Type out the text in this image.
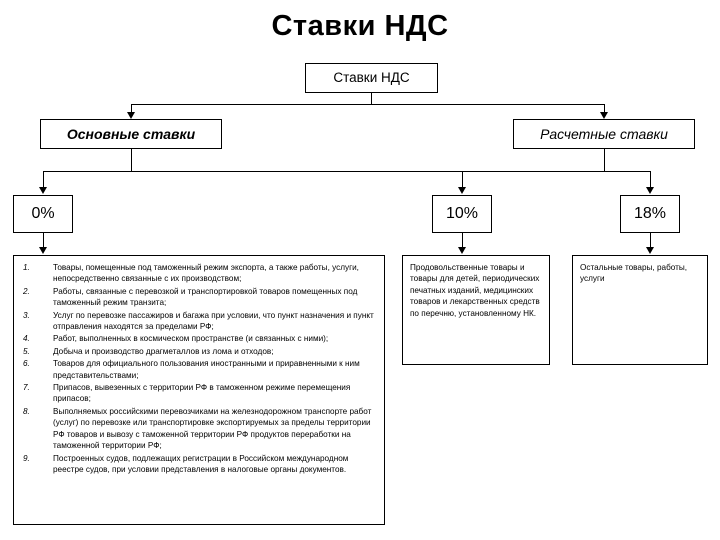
Ставки НДС
Ставки НДС
Основные ставки	Расчетные ставки
0%	10%	18%
1.	Товары, помещенные под таможенный режим экспорта, а также работы, услуги, непосредственно связанные с их производством;
2.	Работы, связанные с перевозкой и транспортировкой товаров помещенных под таможенный режим транзита;
3.	Услуг по перевозке пассажиров и багажа при условии, что пункт назначения и пункт отправления находятся за пределами РФ;
4.	Работ, выполненных в космическом пространстве (и связанных с ними);
5.	Добыча и производство драгметаллов из лома и отходов;
6.	Товаров для официального пользования иностранными и приравненными к ним представительствами;
7.	Припасов, вывезенных с территории РФ в таможенном режиме перемещения припасов;
8.	Выполняемых российскими перевозчиками на железнодорожном транспорте работ (услуг) по перевозке или транспортировке экспортируемых за пределы территории РФ товаров и вывозу с таможенной территории РФ продуктов переработки на таможенной территории РФ;
9.	Построенных судов, подлежащих регистрации в Российском международном реестре судов, при условии представления в налоговые органы документов.
Продовольственные товары и товары для детей, периодических печатных изданий, медицинских товаров и лекарственных средств по перечню, установленному НК.
Остальные товары, работы, услуги
